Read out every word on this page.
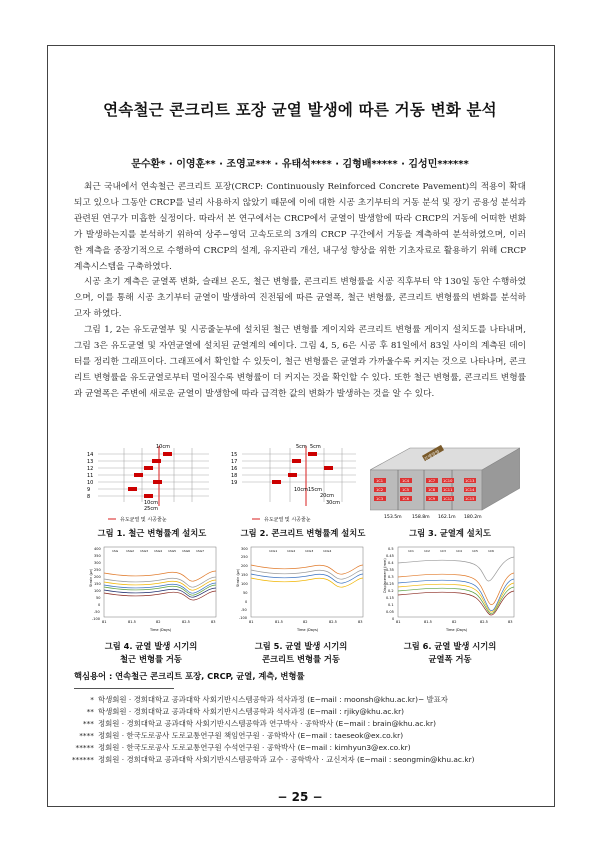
연속철근 콘크리트 포장 균열 발생에 따른 거동 변화 분석
문수환* · 이영훈** · 조영교*** · 유태석**** · 김형배***** · 김성민******

최근 국내에서 연속철근 콘크리트 포장(CRCP: Continuously Reinforced Concrete Pavement)의 적용이 확대되고 있으나 그동안 CRCP를 널리 사용하지 않았기 때문에 이에 대한 시공 초기부터의 거동 분석 및 장기 공용성 분석과 관련된 연구가 미흡한 실정이다. 따라서 본 연구에서는 CRCP에서 균열이 발생함에 따라 CRCP의 거동에 어떠한 변화가 발생하는지를 분석하기 위하여 상주−영덕 고속도로의 3개의 CRCP 구간에서 거동을 계측하여 분석하였으며, 이러한 계측을 중장기적으로 수행하여 CRCP의 설계, 유지관리 개선, 내구성 향상을 위한 기초자료로 활용하기 위해 CRCP 계측시스템을 구축하였다.

시공 초기 계측은 균열폭 변화, 슬래브 온도, 철근 변형률, 콘크리트 변형률을 시공 직후부터 약 130일 동안 수행하였으며, 이를 통해 시공 초기부터 균열이 발생하여 진전됨에 따른 균열폭, 철근 변형률, 콘크리트 변형률의 변화를 분석하고자 하였다.

그림 1, 2는 유도균열부 및 시공줄눈부에 설치된 철근 변형률 게이지와 콘크리트 변형률 게이지 설치도를 나타내며, 그림 3은 유도균열 및 자연균열에 설치된 균열계의 예이다. 그림 4, 5, 6은 시공 후 81일에서 83일 사이의 계측된 데이터를 정리한 그래프이다. 그래프에서 확인할 수 있듯이, 철근 변형률은 균열과 가까울수록 커지는 것으로 나타나며, 콘크리트 변형률을 유도균열로부터 멀어질수록 변형률이 더 커지는 것을 확인할 수 있다. 또한 철근 변형률, 콘크리트 변형률과 균열폭은 주변에 새로운 균열이 발생함에 따라 급격한 값의 변화가 발생하는 것을 알 수 있다.

14
13
12
11
10
9
8
10cm
10cm
25cm
유도균열 및 시공줄눈
그림 1. 철근 변형률계 설치도
15
17
16
18
19
5cm 5cm
10cm 15cm
20cm
30cm
유도균열 및 시공줄눈
그림 2. 콘크리트 변형률계 설치도
진행방향
1C1	1C4	1C7 1C10	1C13
1C2	1C5	1C8 1C11	1C14
1C3	1C6	1C9 1C12	1C15
153.5m 158.8m 162.1m 180.2m
그림 3. 균열계 설치도
Strain (με)
Time (Days)
400
350
300
250
200
150
100
50
0
-50
-100
81	81.5	82	82.5	83
1SG	1SG2 1SG3 1SG4 1SG5 1SG6 1SG7
그림 4. 균열 발생 시기의
철근 변형률 거동
Strain (με)
Time (Days)
300
250
200
150
100
50
0
-50
-100
81	81.5	82	82.5	83
1CG1	1CG2	1CG3	1CG4
그림 5. 균열 발생 시기의
콘크리트 변형률 거동
Displacement (mm)
Time (Days)
0.5
0.45
0.4
0.35
0.3
0.25
0.2
0.15
0.1
0.05
0
81	81.5	82	82.5	83
1C1	1C2	1C3	1C4	1C5	1C6
그림 6. 균열 발생 시기의
균열폭 거동
핵심용어 : 연속철근 콘크리트 포장, CRCP, 균열, 계측, 변형률
* 학생회원 · 경희대학교 공과대학 사회기반시스템공학과 석사과정 (E−mail : moonsh@khu.ac.kr)− 발표자
** 학생회원 · 경희대학교 공과대학 사회기반시스템공학과 석사과정 (E−mail : rjiky@khu.ac.kr)
*** 정회원 · 경희대학교 공과대학 사회기반시스템공학과 연구박사 · 공학박사 (E−mail : brain@khu.ac.kr)
**** 정회원 · 한국도로공사 도로교통연구원 책임연구원 · 공학박사 (E−mail : taeseok@ex.co.kr)
***** 정회원 · 한국도로공사 도로교통연구원 수석연구원 · 공학박사 (E−mail : kimhyun3@ex.co.kr)
****** 정회원 · 경희대학교 공과대학 사회기반시스템공학과 교수 · 공학박사 · 교신저자 (E−mail : seongmin@khu.ac.kr)
− 25 −
